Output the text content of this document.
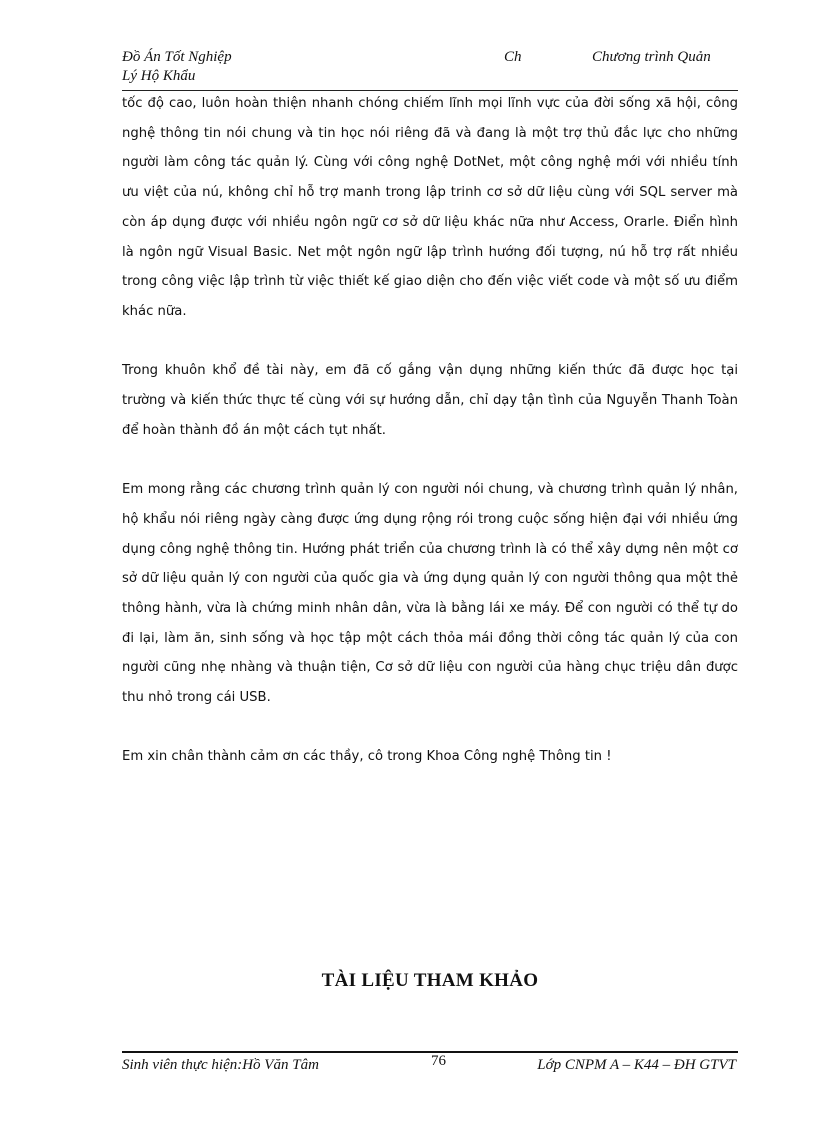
Đồ Án Tốt Nghiệp	Ch	Chương trình Quản
Lý Hộ Khẩu

tốc độ cao, luôn hoàn thiện nhanh chóng chiếm lĩnh mọi lĩnh vực của đời sống xã hội, công nghệ thông tin nói chung và tin học nói riêng đã và đang là một trợ thủ đắc lực cho những người làm công tác quản lý. Cùng với công nghệ DotNet, một công nghệ mới với nhiều tính ưu việt của nú, không chỉ hỗ trợ manh trong lập trinh cơ sở dữ liệu cùng với SQL server mà còn áp dụng được với nhiều ngôn ngữ cơ sở dữ liệu khác nữa như Access, Orarle. Điển hình là ngôn ngữ Visual Basic. Net một ngôn ngữ lập trình hướng đối tượng, nú hỗ trợ rất nhiều trong công việc lập trình từ việc thiết kế giao diện cho đến việc viết code và một số ưu điểm khác nữa.

Trong khuôn khổ đề tài này, em đã cố gắng vận dụng những kiến thức đã được học tại trường và kiến thức thực tế cùng với sự hướng dẫn, chỉ dạy tận tình của Nguyễn Thanh Toàn để hoàn thành đồ án một cách tụt nhất.

Em mong rằng các chương trình quản lý con người nói chung, và chương trình quản lý nhân, hộ khẩu nói riêng ngày càng được ứng dụng rộng rói trong cuộc sống hiện đại với nhiều ứng dụng công nghệ thông tin. Hướng phát triển của chương trình là có thể xây dựng nên một cơ sở dữ liệu quản lý con người của quốc gia và ứng dụng quản lý con người thông qua một thẻ thông hành, vừa là chứng minh nhân dân, vừa là bằng lái xe máy. Để con người có thể tự do đi lại, làm ăn, sinh sống và học tập một cách thỏa mái đồng thời công tác quản lý của con người cũng nhẹ nhàng và thuận tiện, Cơ sở dữ liệu con người của hàng chục triệu dân được thu nhỏ trong cái USB.

Em xin chân thành cảm ơn các thầy, cô trong Khoa Công nghệ Thông tin !

TÀI LIỆU THAM KHẢO
Sinh viên thực hiện:Hồ Văn Tâm	76	Lớp CNPM A – K44 – ĐH GTVT
